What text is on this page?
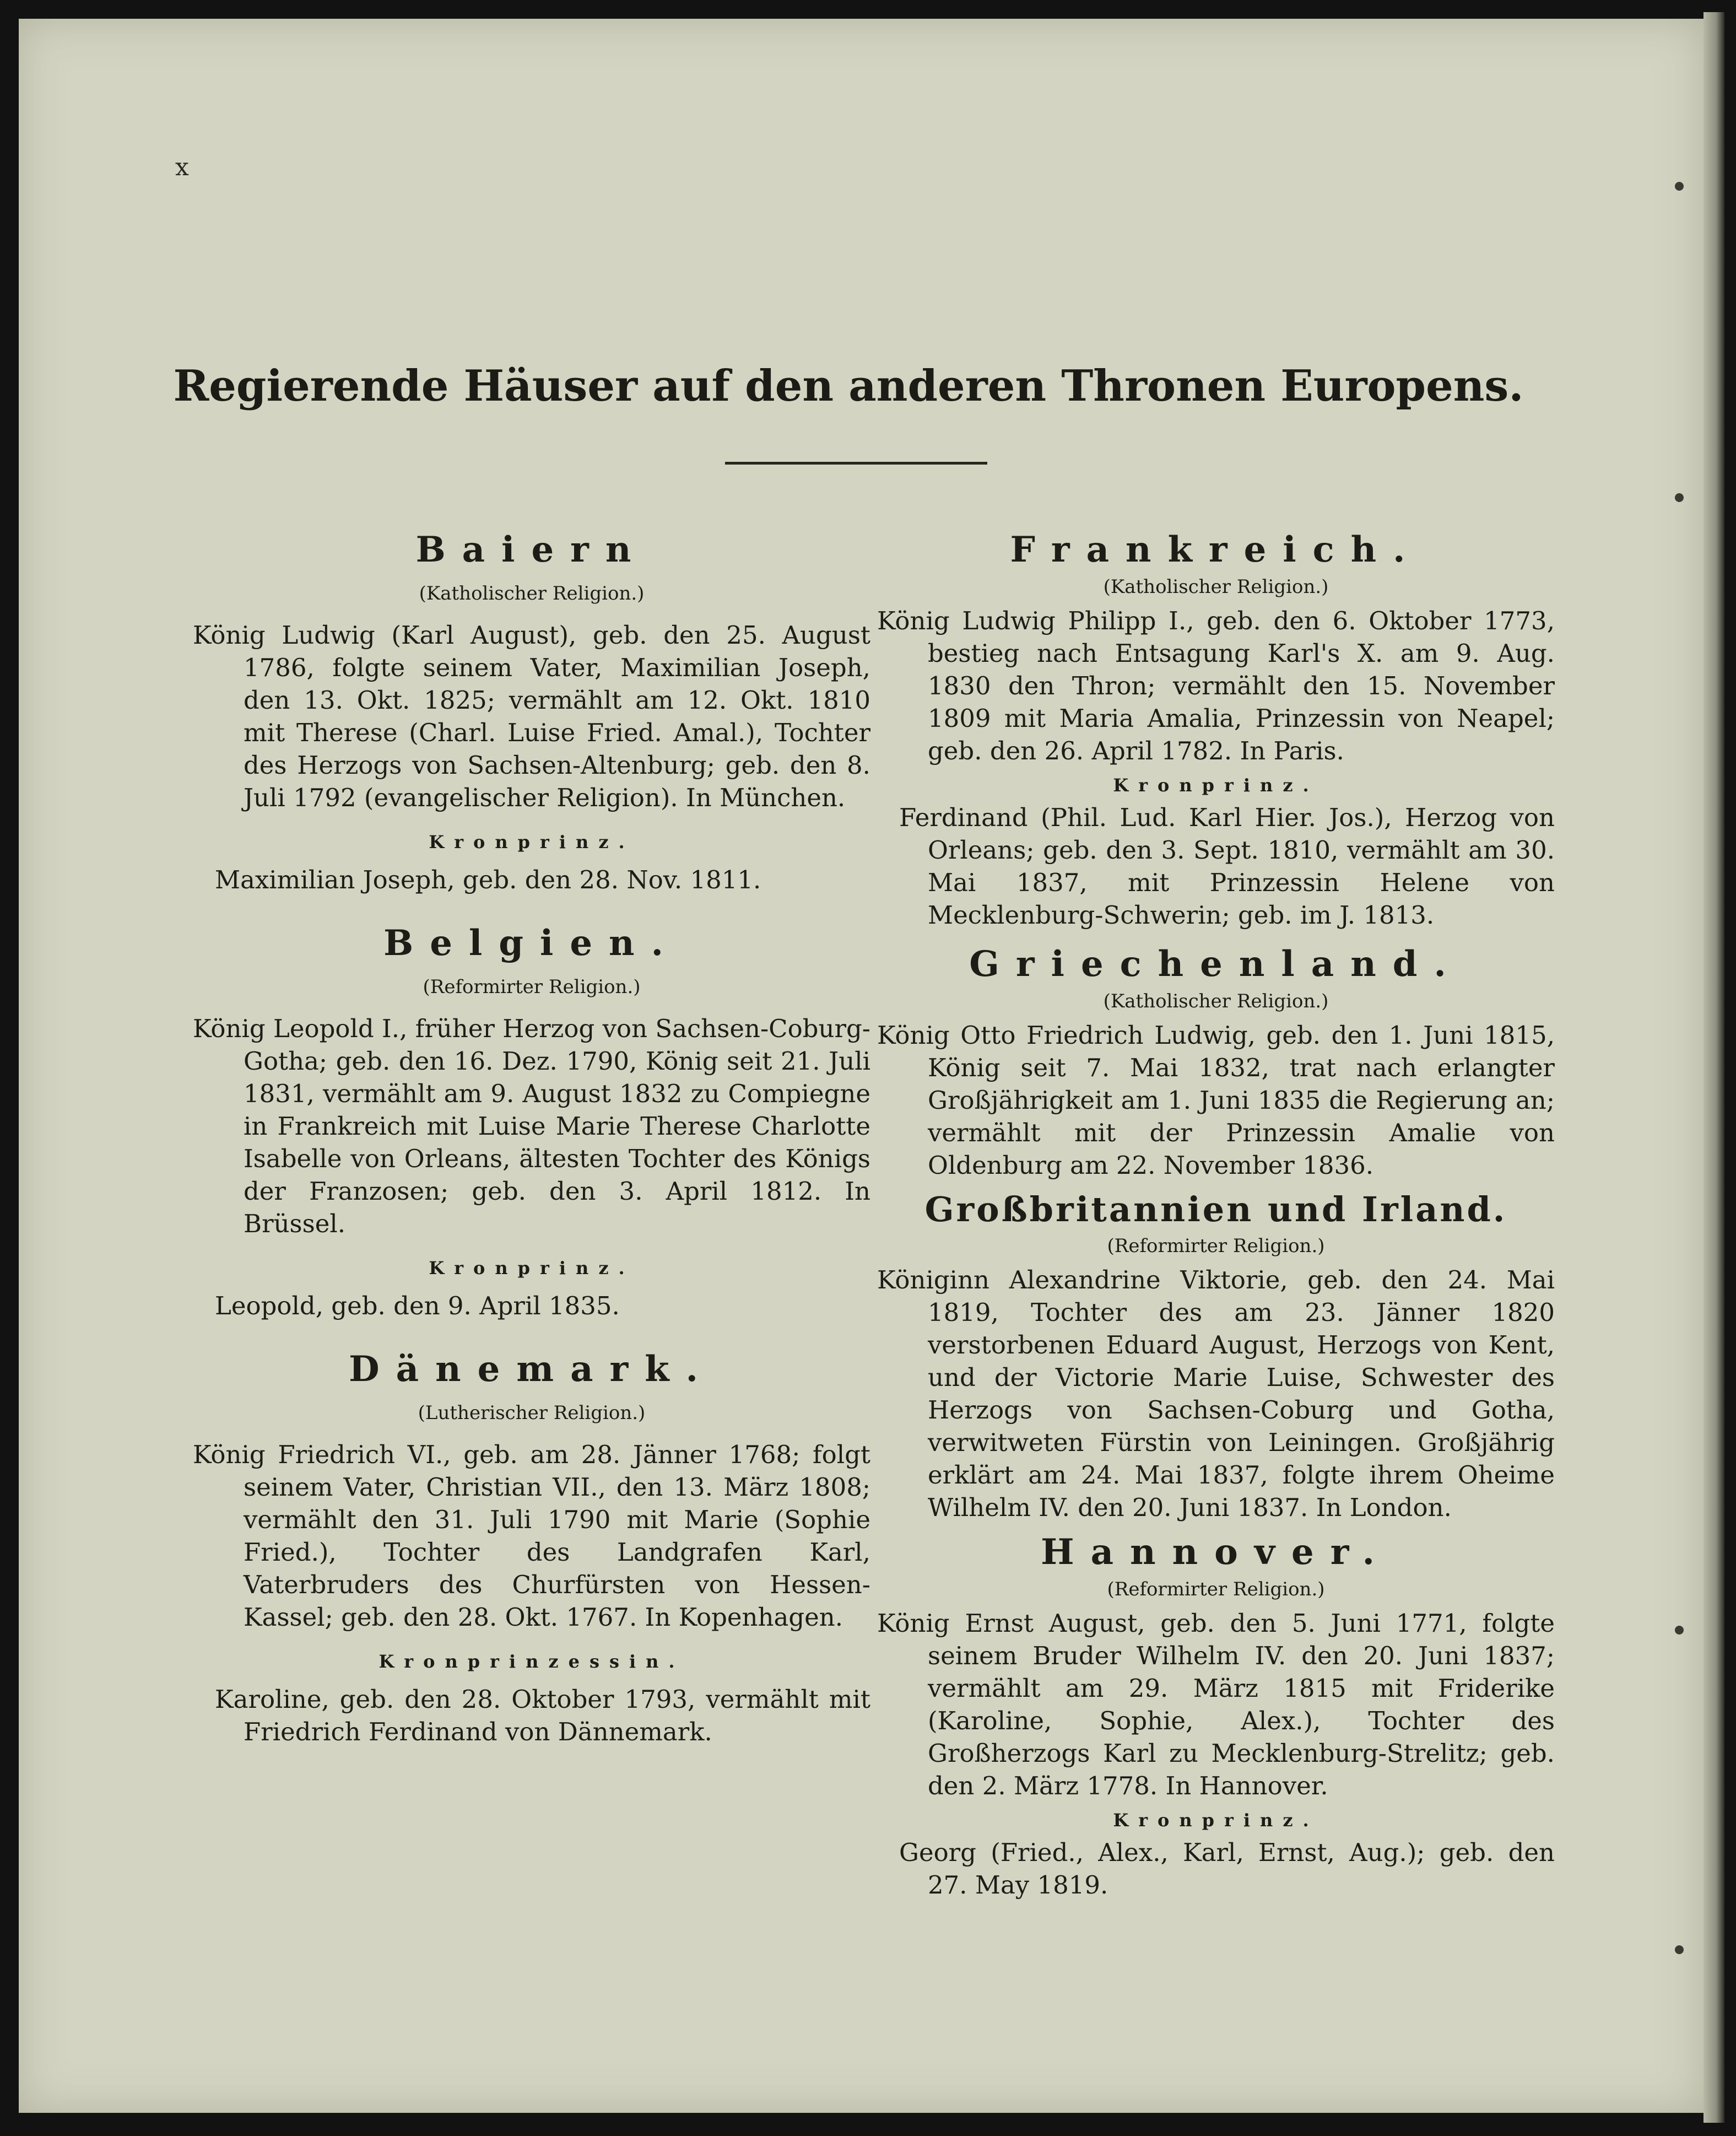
x
Regierende Häuser auf den anderen Thronen Europens.
Baiern
(Katholischer Religion.)
König Ludwig (Karl August), geb. den 25. August 1786, folgte seinem Vater, Maximilian Joseph, den 13. Okt. 1825; vermählt am 12. Okt. 1810 mit Therese (Charl. Luise Fried. Amal.), Tochter des Herzogs von Sachsen-Altenburg; geb. den 8. Juli 1792 (evangelischer Religion). In München.
Kronprinz.
Maximilian Joseph, geb. den 28. Nov. 1811.
Belgien.
(Reformirter Religion.)
König Leopold I., früher Herzog von Sachsen-Coburg-Gotha; geb. den 16. Dez. 1790, König seit 21. Juli 1831, vermählt am 9. August 1832 zu Compiegne in Frankreich mit Luise Marie Therese Charlotte Isabelle von Orleans, ältesten Tochter des Königs der Franzosen; geb. den 3. April 1812. In Brüssel.
Kronprinz.
Leopold, geb. den 9. April 1835.
Dänemark.
(Lutherischer Religion.)
König Friedrich VI., geb. am 28. Jänner 1768; folgt seinem Vater, Christian VII., den 13. März 1808; vermählt den 31. Juli 1790 mit Marie (Sophie Fried.), Tochter des Landgrafen Karl, Vaterbruders des Churfürsten von Hessen-Kassel; geb. den 28. Okt. 1767. In Kopenhagen.
Kronprinzessin.
Karoline, geb. den 28. Oktober 1793, vermählt mit Friedrich Ferdinand von Dännemark.
Frankreich.
(Katholischer Religion.)
König Ludwig Philipp I., geb. den 6. Oktober 1773, bestieg nach Entsagung Karl's X. am 9. Aug. 1830 den Thron; vermählt den 15. November 1809 mit Maria Amalia, Prinzessin von Neapel; geb. den 26. April 1782. In Paris.
Kronprinz.
Ferdinand (Phil. Lud. Karl Hier. Jos.), Herzog von Orleans; geb. den 3. Sept. 1810, vermählt am 30. Mai 1837, mit Prinzessin Helene von Mecklenburg-Schwerin; geb. im J. 1813.
Griechenland.
(Katholischer Religion.)
König Otto Friedrich Ludwig, geb. den 1. Juni 1815, König seit 7. Mai 1832, trat nach erlangter Großjährigkeit am 1. Juni 1835 die Regierung an; vermählt mit der Prinzessin Amalie von Oldenburg am 22. November 1836.
Großbritannien und Irland.
(Reformirter Religion.)
Königinn Alexandrine Viktorie, geb. den 24. Mai 1819, Tochter des am 23. Jänner 1820 verstorbenen Eduard August, Herzogs von Kent, und der Victorie Marie Luise, Schwester des Herzogs von Sachsen-Coburg und Gotha, verwitweten Fürstin von Leiningen. Großjährig erklärt am 24. Mai 1837, folgte ihrem Oheime Wilhelm IV. den 20. Juni 1837. In London.
Hannover.
(Reformirter Religion.)
König Ernst August, geb. den 5. Juni 1771, folgte seinem Bruder Wilhelm IV. den 20. Juni 1837; vermählt am 29. März 1815 mit Friderike (Karoline, Sophie, Alex.), Tochter des Großherzogs Karl zu Mecklenburg-Strelitz; geb. den 2. März 1778. In Hannover.
Kronprinz.
Georg (Fried., Alex., Karl, Ernst, Aug.); geb. den 27. May 1819.
